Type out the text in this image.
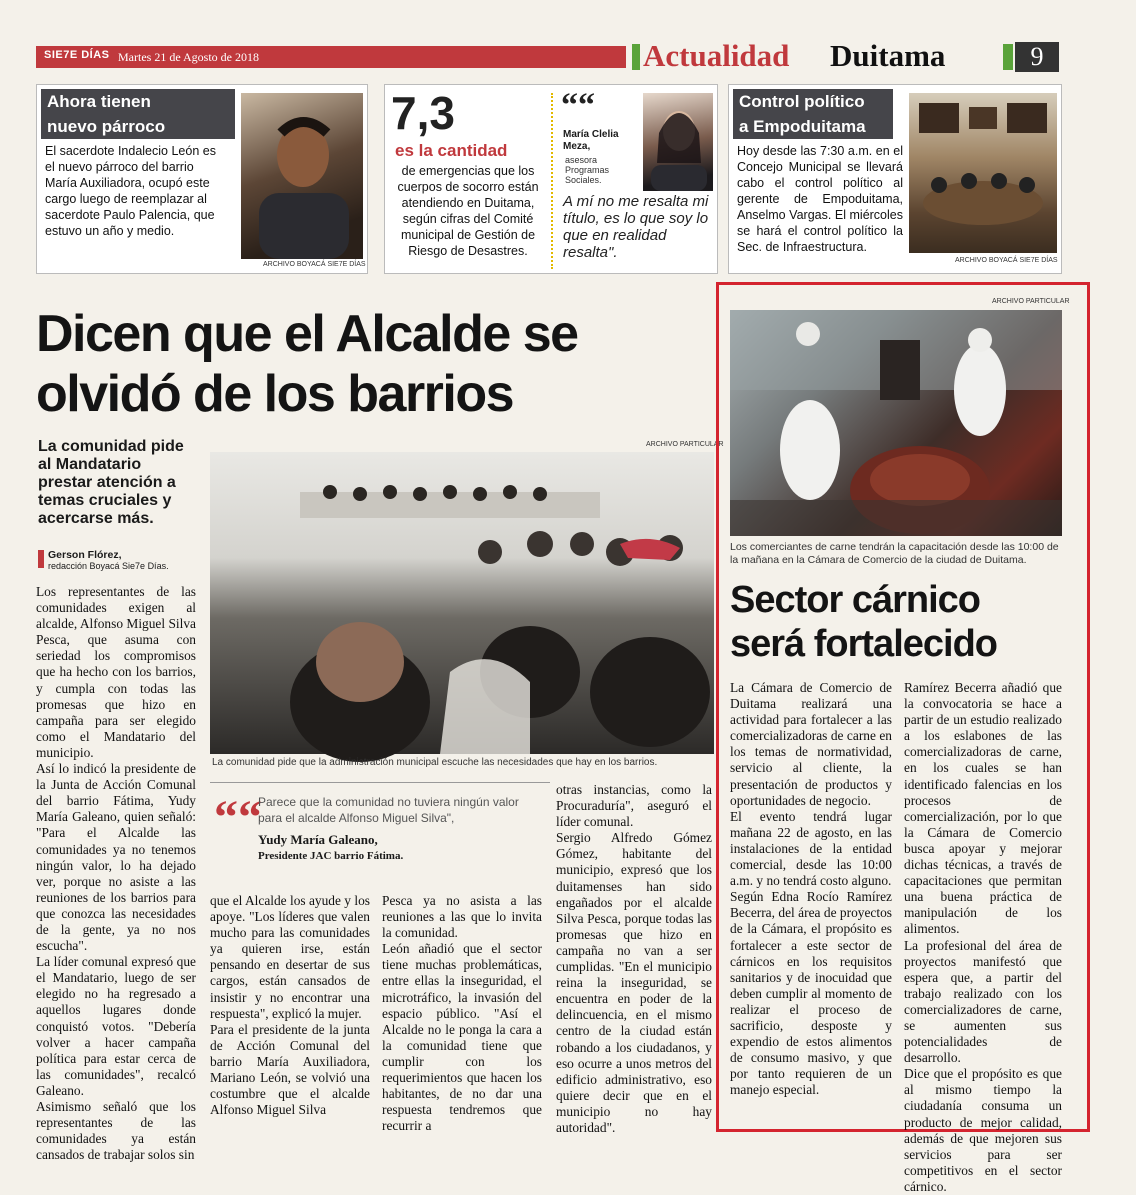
SIE7E DÍAS Martes 21 de Agosto de 2018	Actualidad Duitama	9
Ahora tienen
nuevo párroco
El sacerdote Indalecio León es el nuevo párroco del barrio María Auxiliadora, ocupó este cargo luego de reemplazar al sacerdote Paulo Palencia, que estuvo un año y medio.
ARCHIVO BOYACÁ SIE7E DÍAS
7,3
es la cantidad
de emergencias que los cuerpos de socorro están atendiendo en Duitama, según cifras del Comité municipal de Gestión de Riesgo de Desastres.
““
María Clelia
Meza,
asesora
Programas
Sociales.
A mí no me resalta mi título, es lo que soy lo que en realidad resalta".
Control político
a Empoduitama
Hoy desde las 7:30 a.m. en el Concejo Municipal se llevará cabo el control político al gerente de Empoduitama, Anselmo Vargas. El miércoles se hará el control político la Sec. de Infraestructura.
ARCHIVO BOYACÁ SIE7E DÍAS
Dicen que el Alcalde se
olvidó de los barrios
La comunidad pide al Mandatario prestar atención a temas cruciales y acercarse más.
Gerson Flórez,
redacción Boyacá Sie7e Días.
ARCHIVO PARTICULAR
La comunidad pide que la administración municipal escuche las necesidades que hay en los barrios.
Los representantes de las comunidades exigen al alcalde, Alfonso Miguel Silva Pesca, que asuma con seriedad los compromisos que ha hecho con los barrios, y cumpla con todas las promesas que hizo en campaña para ser elegido como el Mandatario del municipio.
Así lo indicó la presidente de la Junta de Acción Comunal del barrio Fátima, Yudy María Galeano, quien señaló: "Para el Alcalde las comunidades ya no tenemos ningún valor, lo ha dejado ver, porque no asiste a las reuniones de los barrios para que conozca las necesidades de la gente, ya no nos escucha".
La líder comunal expresó que el Mandatario, luego de ser elegido no ha regresado a aquellos lugares donde conquistó votos. "Debería volver a hacer campaña política para estar cerca de las comunidades", recalcó Galeano.
Asimismo señaló que los representantes de las comunidades ya están cansados de trabajar solos sin
““
Parece que la comunidad no tuviera ningún valor para el alcalde Alfonso Miguel Silva",
Yudy María Galeano,
Presidente JAC barrio Fátima.
que el Alcalde los ayude y los apoye. "Los líderes que valen mucho para las comunidades ya quieren irse, están pensando en desertar de sus cargos, están cansados de insistir y no encontrar una respuesta", explicó la mujer.
Para el presidente de la junta de Acción Comunal del barrio María Auxiliadora, Mariano León, se volvió una costumbre que el alcalde Alfonso Miguel Silva
Pesca ya no asista a las reuniones a las que lo invita la comunidad.
León añadió que el sector tiene muchas problemáticas, entre ellas la inseguridad, el microtráfico, la invasión del espacio público. "Así el Alcalde no le ponga la cara a la comunidad tiene que cumplir con los requerimientos que hacen los habitantes, de no dar una respuesta tendremos que recurrir a
otras instancias, como la Procuraduría", aseguró el líder comunal.
Sergio Alfredo Gómez Gómez, habitante del municipio, expresó que los duitamenses han sido engañados por el alcalde Silva Pesca, porque todas las promesas que hizo en campaña no van a ser cumplidas. "En el municipio reina la inseguridad, se encuentra en poder de la delincuencia, en el mismo centro de la ciudad están robando a los ciudadanos, y eso ocurre a unos metros del edificio administrativo, eso quiere decir que en el municipio no hay autoridad".
ARCHIVO PARTICULAR
Los comerciantes de carne tendrán la capacitación desde las 10:00 de la mañana en la Cámara de Comercio de la ciudad de Duitama.
Sector cárnico
será fortalecido
La Cámara de Comercio de Duitama realizará una actividad para fortalecer a las comercializadoras de carne en los temas de normatividad, servicio al cliente, la presentación de productos y oportunidades de negocio.
El evento tendrá lugar mañana 22 de agosto, en las instalaciones de la entidad comercial, desde las 10:00 a.m. y no tendrá costo alguno.
Según Edna Rocío Ramírez Becerra, del área de proyectos de la Cámara, el propósito es fortalecer a este sector de cárnicos en los requisitos sanitarios y de inocuidad que deben cumplir al momento de realizar el proceso de sacrificio, desposte y expendio de estos alimentos de consumo masivo, y que por tanto requieren de un manejo especial.
Ramírez Becerra añadió que la convocatoria se hace a partir de un estudio realizado a los eslabones de las comercializadoras de carne, en los cuales se han identificado falencias en los procesos de comercialización, por lo que la Cámara de Comercio busca apoyar y mejorar dichas técnicas, a través de capacitaciones que permitan una buena práctica de manipulación de los alimentos.
La profesional del área de proyectos manifestó que espera que, a partir del trabajo realizado con los comercializadores de carne, se aumenten sus potencialidades de desarrollo.
Dice que el propósito es que al mismo tiempo la ciudadanía consuma un producto de mejor calidad, además de que mejoren sus servicios para ser competitivos en el sector cárnico.
